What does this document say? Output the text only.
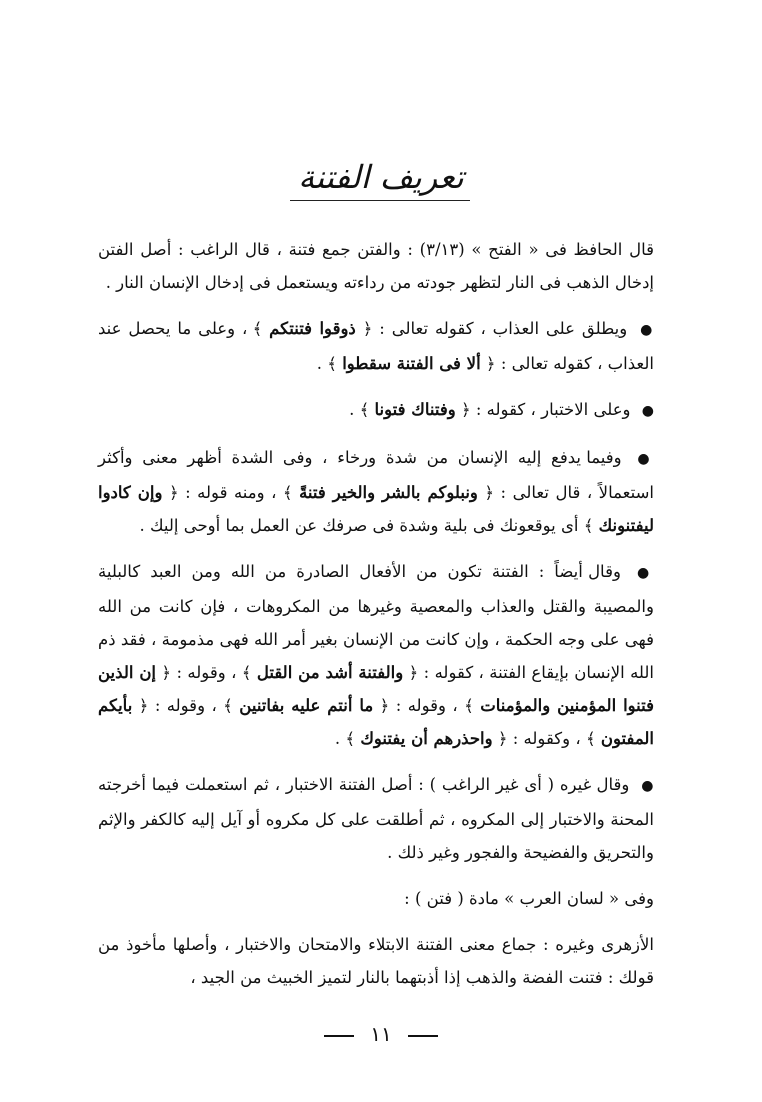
تعريف الفتنة

قال الحافظ فى « الفتح » (٣/١٣) : والفتن جمع فتنة ، قال الراغب : أصل الفتن إدخال الذهب فى النار لتظهر جودته من رداءته ويستعمل فى إدخال الإنسان النار .

● ويطلق على العذاب ، كقوله تعالى : ﴿ ذوقوا فتنتكم ﴾ ، وعلى ما يحصل عند العذاب ، كقوله تعالى : ﴿ ألا فى الفتنة سقطوا ﴾ .

● وعلى الاختبار ، كقوله : ﴿ وفتناك فتونا ﴾ .

● وفيما يدفع إليه الإنسان من شدة ورخاء ، وفى الشدة أظهر معنى وأكثر استعمالاً ، قال تعالى : ﴿ ونبلوكم بالشر والخير فتنةً ﴾ ، ومنه قوله : ﴿ وإن كادوا ليفتنونك ﴾ أى يوقعونك فى بلية وشدة فى صرفك عن العمل بما أوحى إليك .

● وقال أيضاً : الفتنة تكون من الأفعال الصادرة من الله ومن العبد كالبلية والمصيبة والقتل والعذاب والمعصية وغيرها من المكروهات ، فإن كانت من الله فهى على وجه الحكمة ، وإن كانت من الإنسان بغير أمر الله فهى مذمومة ، فقد ذم الله الإنسان بإيقاع الفتنة ، كقوله : ﴿ والفتنة أشد من القتل ﴾ ، وقوله : ﴿ إن الذين فتنوا المؤمنين والمؤمنات ﴾ ، وقوله : ﴿ ما أنتم عليه بفاتنين ﴾ ، وقوله : ﴿ بأيكم المفتون ﴾ ، وكقوله : ﴿ واحذرهم أن يفتنوك ﴾ .

● وقال غيره ( أى غير الراغب ) : أصل الفتنة الاختبار ، ثم استعملت فيما أخرجته المحنة والاختبار إلى المكروه ، ثم أطلقت على كل مكروه أو آيل إليه كالكفر والإثم والتحريق والفضيحة والفجور وغير ذلك .

وفى « لسان العرب » مادة ( فتن ) :

الأزهرى وغيره : جماع معنى الفتنة الابتلاء والامتحان والاختبار ، وأصلها مأخوذ من قولك : فتنت الفضة والذهب إذا أذبتهما بالنار لتميز الخبيث من الجيد ،

١١
